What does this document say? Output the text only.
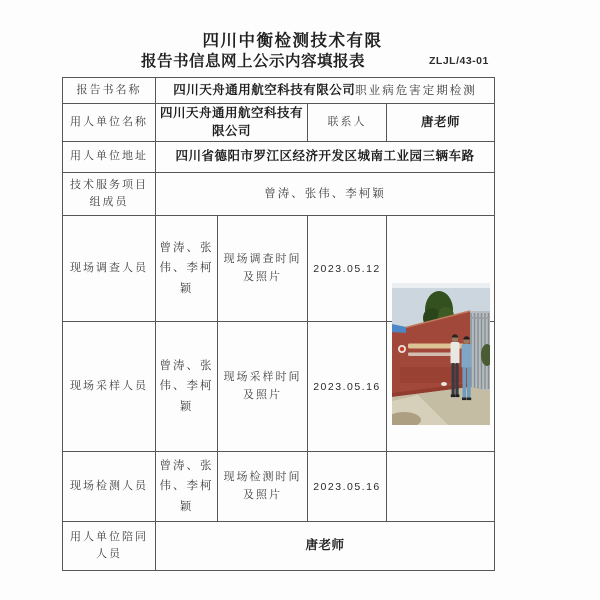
四川中衡检测技术有限
报告书信息网上公示内容填报表	ZLJL/43-01
报告书名称	四川天舟通用航空科技有限公司职业病危害定期检测			
用人单位名称	四川天舟通用航空科技有限公司		联系人	唐老师
用人单位地址	四川省德阳市罗江区经济开发区城南工业园三辆车路			
技术服务项目组成员	曾涛、张伟、李柯颖			
现场调查人员	曾涛、张伟、李柯颖	现场调查时间及照片	2023.05.12	
现场采样人员	曾涛、张伟、李柯颖	现场采样时间及照片	2023.05.16	
现场检测人员	曾涛、张伟、李柯颖	现场检测时间及照片	2023.05.16	
用人单位陪同人员	唐老师			
